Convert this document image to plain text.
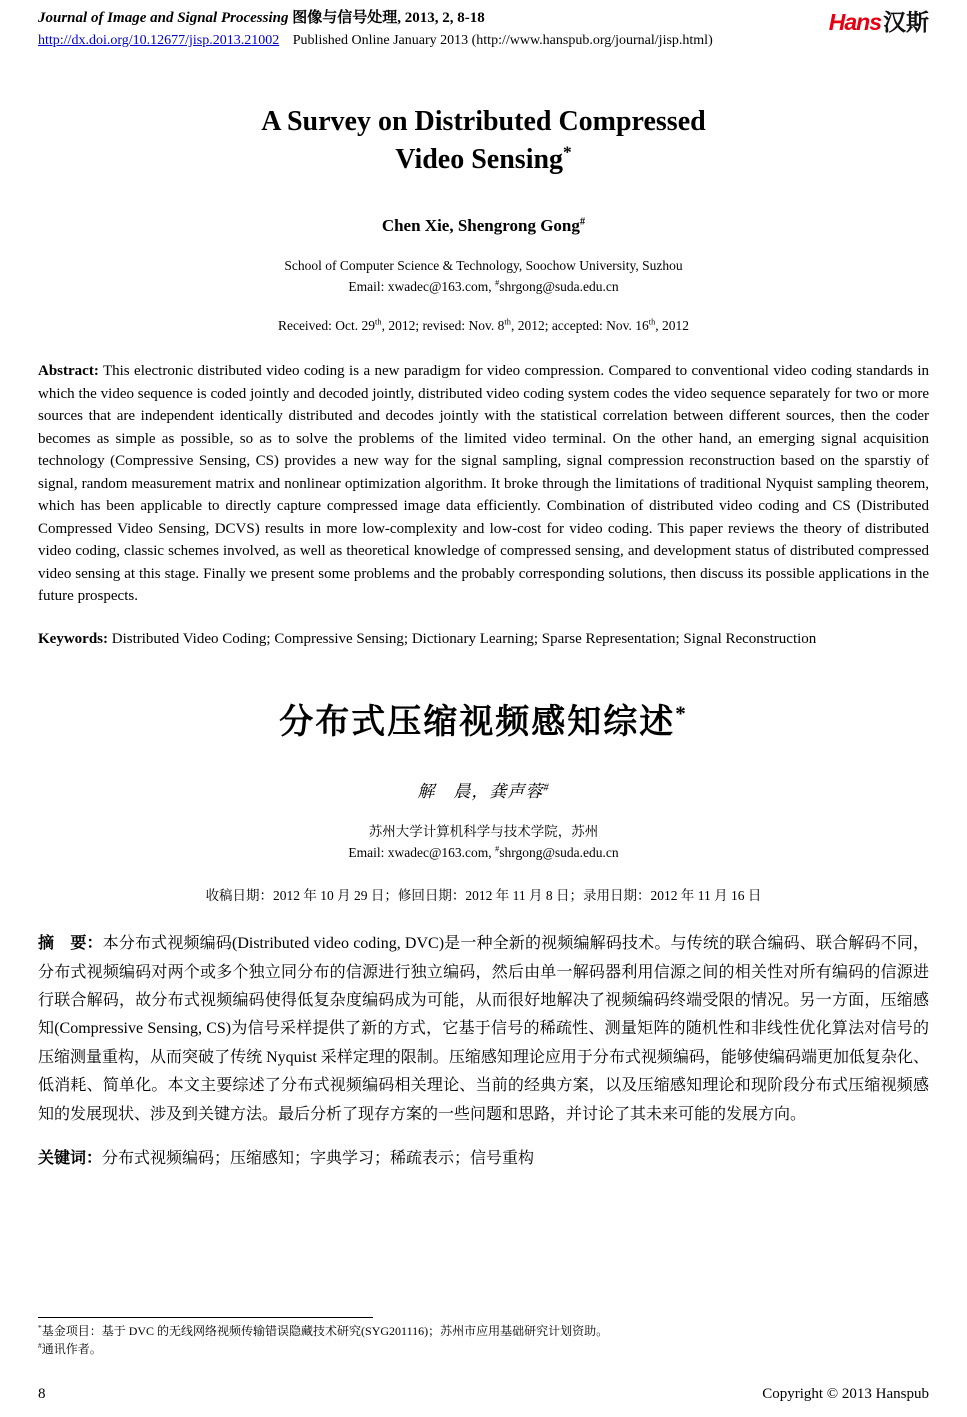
Journal of Image and Signal Processing 图像与信号处理, 2013, 2, 8-18
http://dx.doi.org/10.12677/jisp.2013.21002 Published Online January 2013 (http://www.hanspub.org/journal/jisp.html)
Hans汉斯
A Survey on Distributed Compressed
Video Sensing*
Chen Xie, Shengrong Gong#
School of Computer Science & Technology, Soochow University, Suzhou
Email: xwadec@163.com, #shrgong@suda.edu.cn
Received: Oct. 29th, 2012; revised: Nov. 8th, 2012; accepted: Nov. 16th, 2012

Abstract: This electronic distributed video coding is a new paradigm for video compression. Compared to conventional video coding standards in which the video sequence is coded jointly and decoded jointly, distributed video coding system codes the video sequence separately for two or more sources that are independent identically distributed and decodes jointly with the statistical correlation between different sources, then the coder becomes as simple as possible, so as to solve the problems of the limited video terminal. On the other hand, an emerging signal acquisition technology (Compressive Sensing, CS) provides a new way for the signal sampling, signal compression reconstruction based on the sparstiy of signal, random measurement matrix and nonlinear optimization algorithm. It broke through the limitations of traditional Nyquist sampling theorem, which has been applicable to directly capture compressed image data efficiently. Combination of distributed video coding and CS (Distributed Compressed Video Sensing, DCVS) results in more low-complexity and low-cost for video coding. This paper reviews the theory of distributed video coding, classic schemes involved, as well as theoretical knowledge of compressed sensing, and development status of distributed compressed video sensing at this stage. Finally we present some problems and the probably corresponding solutions, then discuss its possible applications in the future prospects.

Keywords: Distributed Video Coding; Compressive Sensing; Dictionary Learning; Sparse Representation; Signal Reconstruction

分布式压缩视频感知综述*
解　晨，龚声蓉#
苏州大学计算机科学与技术学院，苏州
Email: xwadec@163.com, #shrgong@suda.edu.cn
收稿日期：2012 年 10 月 29 日；修回日期：2012 年 11 月 8 日；录用日期：2012 年 11 月 16 日

摘　要：本分布式视频编码(Distributed video coding, DVC)是一种全新的视频编解码技术。与传统的联合编码、联合解码不同，分布式视频编码对两个或多个独立同分布的信源进行独立编码，然后由单一解码器利用信源之间的相关性对所有编码的信源进行联合解码，故分布式视频编码使得低复杂度编码成为可能，从而很好地解决了视频编码终端受限的情况。另一方面，压缩感知(Compressive Sensing, CS)为信号采样提供了新的方式，它基于信号的稀疏性、测量矩阵的随机性和非线性优化算法对信号的压缩测量重构，从而突破了传统 Nyquist 采样定理的限制。压缩感知理论应用于分布式视频编码，能够使编码端更加低复杂化、低消耗、简单化。本文主要综述了分布式视频编码相关理论、当前的经典方案，以及压缩感知理论和现阶段分布式压缩视频感知的发展现状、涉及到关键方法。最后分析了现存方案的一些问题和思路，并讨论了其未来可能的发展方向。

关键词：分布式视频编码；压缩感知；字典学习；稀疏表示；信号重构

*基金项目：基于 DVC 的无线网络视频传输错误隐藏技术研究(SYG201116)；苏州市应用基础研究计划资助。
#通讯作者。
8	Copyright © 2013 Hanspub
